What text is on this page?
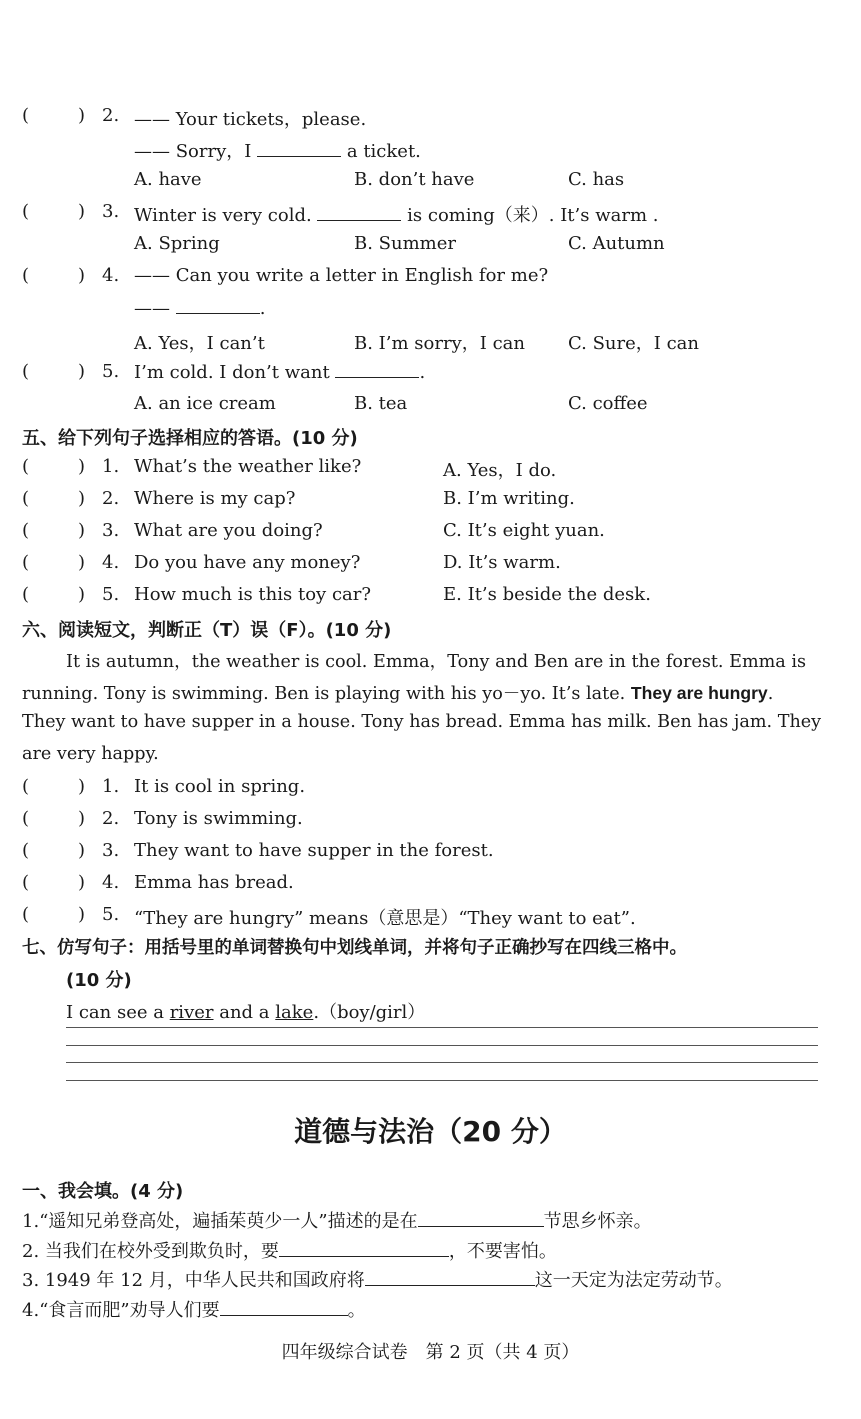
(	) 2. —— Your tickets，please.
—— Sorry，I	a ticket.
A. have	B. don’t have	C. has
(	) 3. Winter is very cold.	is coming（来）. It’s warm .
A. Spring	B. Summer	C. Autumn
(	) 4. —— Can you write a letter in English for me?
——	.
A. Yes，I can’t	B. I’m sorry，I can C. Sure，I can
(	) 5. I’m cold. I don’t want	.
A. an ice cream	B. tea	C. coffee
五、给下列句子选择相应的答语。(10 分)
(	) 1. What’s the weather like?	A. Yes，I do.
(	) 2. Where is my cap?	B. I’m writing.
(	) 3. What are you doing?	C. It’s eight yuan.
(	) 4. Do you have any money?	D. It’s warm.
(	) 5. How much is this toy car?	E. It’s beside the desk.
六、阅读短文，判断正（T）误（F）。(10 分)
It is autumn，the weather is cool. Emma，Tony and Ben are in the forest. Emma is
running. Tony is swimming. Ben is playing with his yo－yo. It’s late. They are hungry.
They want to have supper in a house. Tony has bread. Emma has milk. Ben has jam. They
are very happy.
(	) 1. It is cool in spring.
(	) 2. Tony is swimming.
(	) 3. They want to have supper in the forest.
(	) 4. Emma has bread.
(	) 5. “They are hungry” means（意思是）“They want to eat”.
七、仿写句子：用括号里的单词替换句中划线单词，并将句子正确抄写在四线三格中。
(10 分)
I can see a river and a lake.（boy/girl）
道德与法治（20 分）
一、我会填。(4 分)
1.“遥知兄弟登高处，遍插茱萸少一人”描述的是在	节思乡怀亲。
2. 当我们在校外受到欺负时，要	，不要害怕。
3. 1949 年 12 月，中华人民共和国政府将	这一天定为法定劳动节。
4.“食言而肥”劝导人们要	。
四年级综合试卷　第 2 页（共 4 页）
